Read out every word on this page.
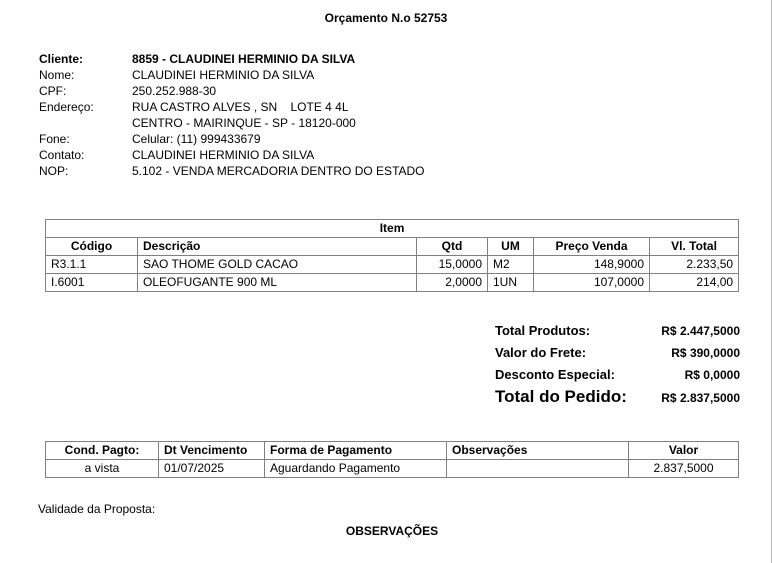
Orçamento N.o 52753
Cliente:	8859 - CLAUDINEI HERMINIO DA SILVA
Nome:	CLAUDINEI HERMINIO DA SILVA
CPF:	250.252.988-30
Endereço:	RUA CASTRO ALVES , SN    LOTE 4 4L
CENTRO - MAIRINQUE - SP - 18120-000
Fone:	Celular: (11) 999433679
Contato:	CLAUDINEI HERMINIO DA SILVA
NOP:	5.102 - VENDA MERCADORIA DENTRO DO ESTADO
Item					
Código	Descrição	Qtd	UM	Preço Venda	Vl. Total
R3.1.1	SAO THOME GOLD CACAO	15,0000	M2	148,9000	2.233,50
I.6001	OLEOFUGANTE 900 ML	2,0000	1UN	107,0000	214,00
Total Produtos:	R$ 2.447,5000
Valor do Frete:	R$ 390,0000
Desconto Especial:	R$ 0,0000
Total do Pedido:	R$ 2.837,5000
Cond. Pagto:	Dt Vencimento	Forma de Pagamento	Observações	Valor
a vista	01/07/2025	Aguardando Pagamento		2.837,5000
Validade da Proposta:
OBSERVAÇÕES
